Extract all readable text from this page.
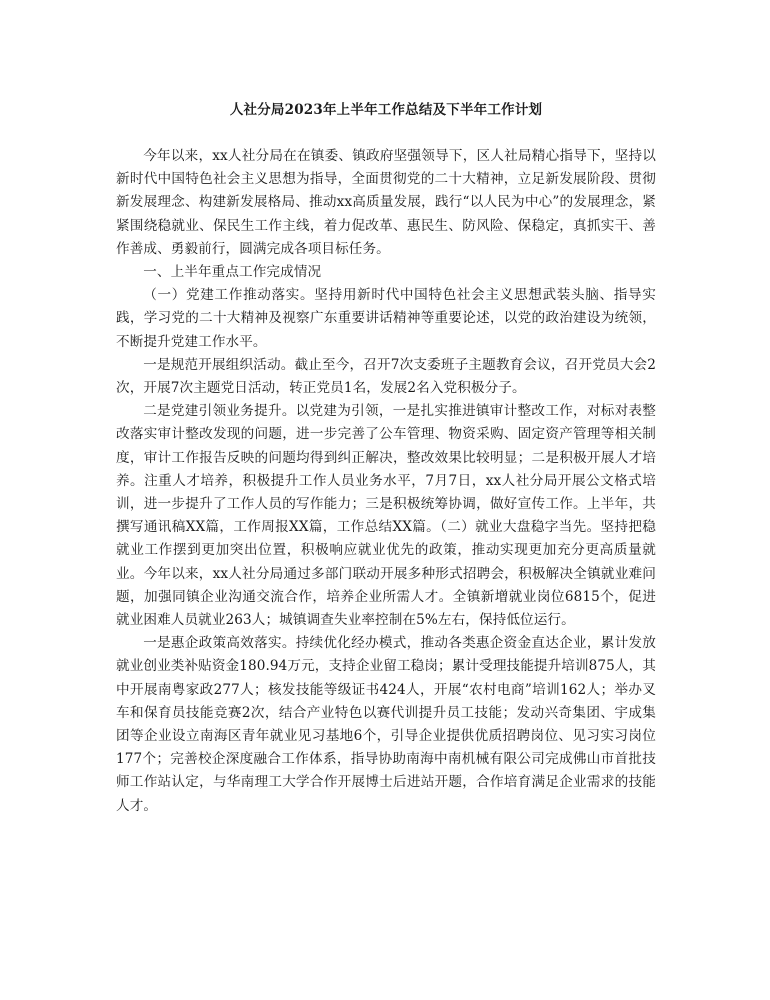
人社分局2023年上半年工作总结及下半年工作计划

今年以来，xx人社分局在在镇委、镇政府坚强领导下，区人社局精心指导下，坚持以新时代中国特色社会主义思想为指导，全面贯彻党的二十大精神，立足新发展阶段、贯彻新发展理念、构建新发展格局、推动xx高质量发展，践行“以人民为中心”的发展理念，紧紧围绕稳就业、保民生工作主线，着力促改革、惠民生、防风险、保稳定，真抓实干、善作善成、勇毅前行，圆满完成各项目标任务。

一、上半年重点工作完成情况

（一）党建工作推动落实。坚持用新时代中国特色社会主义思想武装头脑、指导实践，学习党的二十大精神及视察广东重要讲话精神等重要论述，以党的政治建设为统领，不断提升党建工作水平。

一是规范开展组织活动。截止至今，召开7次支委班子主题教育会议，召开党员大会2次，开展7次主题党日活动，转正党员1名，发展2名入党积极分子。

二是党建引领业务提升。以党建为引领，一是扎实推进镇审计整改工作，对标对表整改落实审计整改发现的问题，进一步完善了公车管理、物资采购、固定资产管理等相关制度，审计工作报告反映的问题均得到纠正解决，整改效果比较明显；二是积极开展人才培养。注重人才培养，积极提升工作人员业务水平，7月7日，xx人社分局开展公文格式培训，进一步提升了工作人员的写作能力；三是积极统筹协调，做好宣传工作。上半年，共撰写通讯稿XX篇，工作周报XX篇，工作总结XX篇。（二）就业大盘稳字当先。坚持把稳就业工作摆到更加突出位置，积极响应就业优先的政策，推动实现更加充分更高质量就业。今年以来，xx人社分局通过多部门联动开展多种形式招聘会，积极解决全镇就业难问题，加强同镇企业沟通交流合作，培养企业所需人才。全镇新增就业岗位6815个，促进就业困难人员就业263人；城镇调查失业率控制在5%左右，保持低位运行。

一是惠企政策高效落实。持续优化经办模式，推动各类惠企资金直达企业，累计发放就业创业类补贴资金180.94万元，支持企业留工稳岗；累计受理技能提升培训875人，其中开展南粤家政277人；核发技能等级证书424人，开展“农村电商”培训162人；举办叉车和保育员技能竞赛2次，结合产业特色以赛代训提升员工技能；发动兴奇集团、宇成集团等企业设立南海区青年就业见习基地6个，引导企业提供优质招聘岗位、见习实习岗位177个；完善校企深度融合工作体系，指导协助南海中南机械有限公司完成佛山市首批技师工作站认定，与华南理工大学合作开展博士后进站开题，合作培育满足企业需求的技能人才。
